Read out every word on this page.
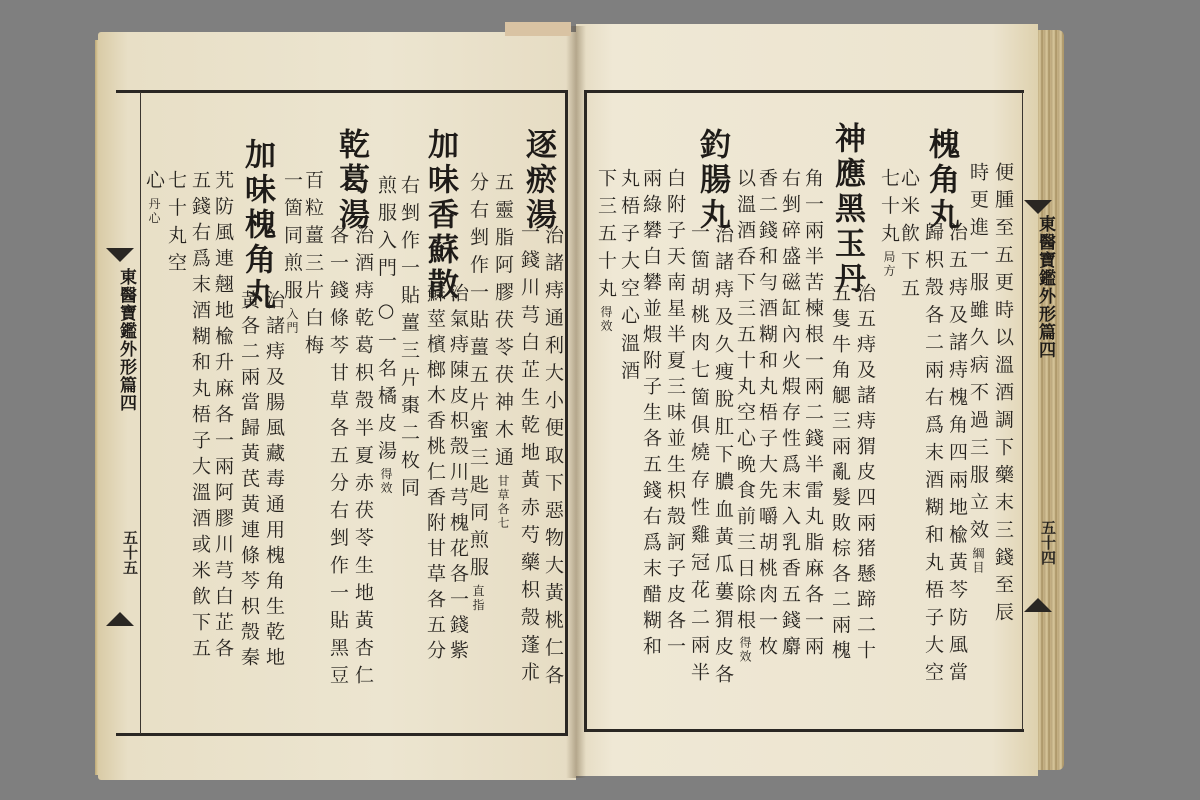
東醫寶鑑外形篇四
五十五
東醫寶鑑外形篇四
五十四
逐瘀湯
治諸痔通利大小便取下惡物大黃桃仁各
一錢川芎白芷生乾地黃赤芍藥枳殼蓬朮
五靈脂阿膠茯苓茯神木通甘草各七
分右剉作一貼薑五片蜜三匙同煎服直指
加味香蘇散
治氣痔陳皮枳殼川芎槐花各一錢紫
蘇莖檳榔木香桃仁香附甘草各五分
右剉作一貼薑三片棗二枚同
煎服入門 ○一名橘皮湯得效
乾葛湯
治酒痔乾葛枳殼半夏赤茯苓生地黃杏仁
各一錢條芩甘草各五分右剉作一貼黑豆
百粒薑三片白梅
一箇同煎服入門
加味槐角丸
治諸痔及腸風藏毒通用槐角生乾地
黃各二兩當歸黃芪黃連條芩枳殼秦
艽防風連翹地楡升麻各一兩阿膠川芎白芷各
五錢右爲末酒糊和丸梧子大溫酒或米飮下五
七十丸空
心丹心	便腫至五更時以溫酒調下藥末三錢至辰
時更進一服雖久病不過三服立效綱目
槐角丸
治五痔及諸痔槐角四兩地楡黃芩防風當
歸枳殼各二兩右爲末酒糊和丸梧子大空
心米飮下五
七十丸局方
神應黑玉丹
治五痔及諸痔猬皮四兩猪懸蹄二十
五隻牛角䚡三兩亂髮敗棕各二兩槐
角一兩半苦楝根一兩二錢半雷丸脂麻各一兩
右剉碎盛磁缸內火煆存性爲末入乳香五錢麝
香二錢和勻酒糊和丸梧子大先嚼胡桃肉一枚
以溫酒呑下三五十丸空心晩食前三日除根得效
釣腸丸
治諸痔及久痩脫肛下膿血黃瓜蔞猬皮各
一箇胡桃肉七箇俱燒存性雞冠花二兩半
白附子天南星半夏三味並生枳殼訶子皮各一
兩綠礬白礬並煆附子生各五錢右爲末醋糊和
丸梧子大空心溫酒
下三五十丸得效
